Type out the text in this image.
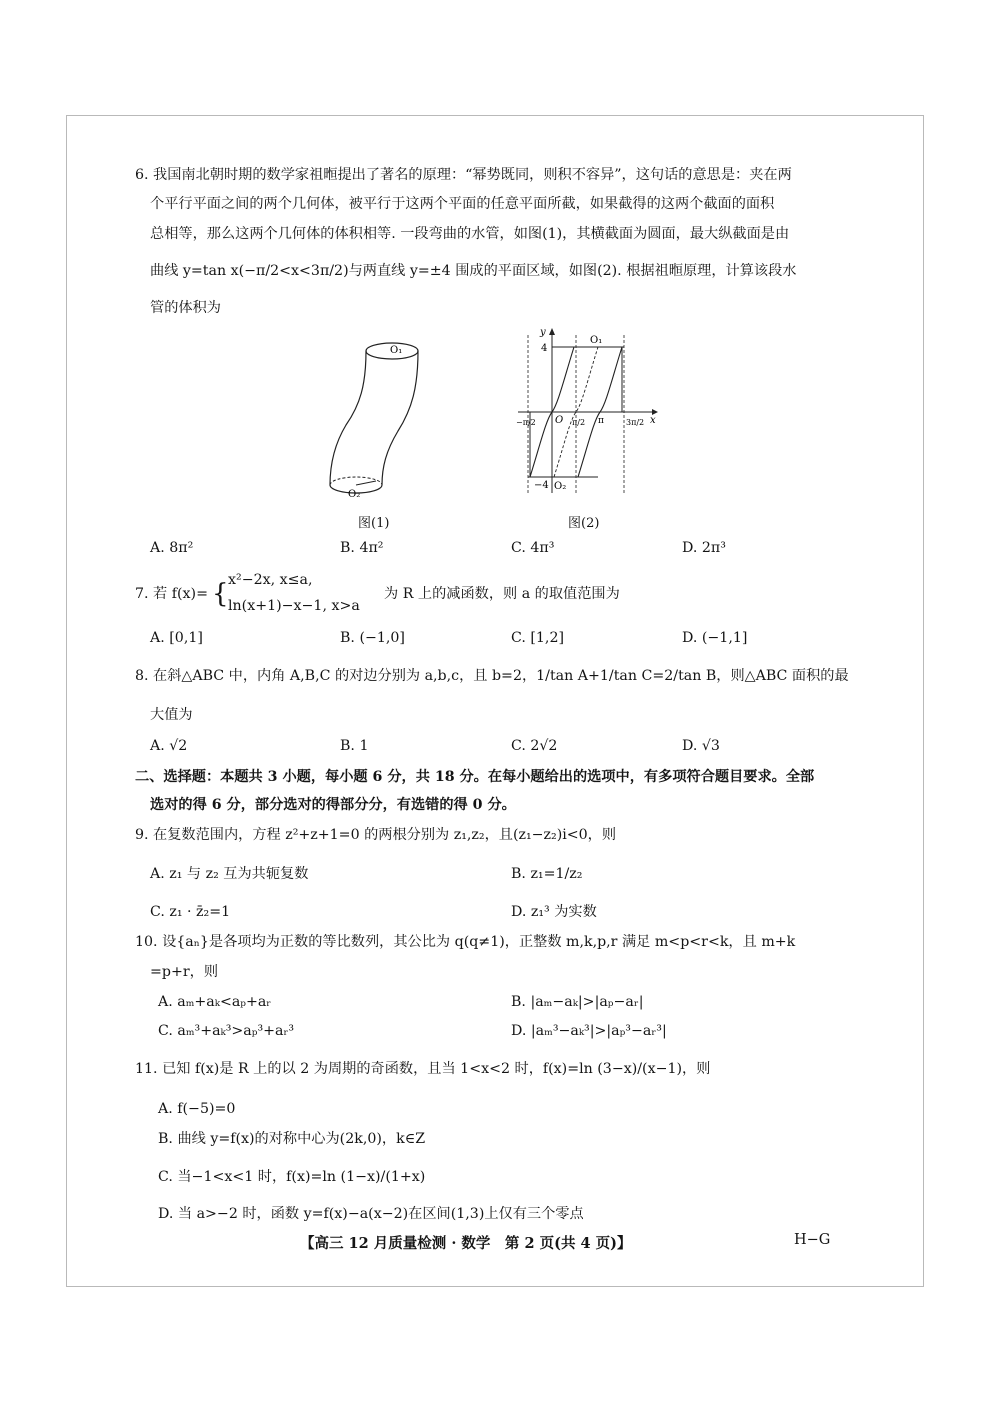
6. 我国南北朝时期的数学家祖暅提出了著名的原理：“幂势既同，则积不容异”，这句话的意思是：夹在两
个平行平面之间的两个几何体，被平行于这两个平面的任意平面所截，如果截得的这两个截面的面积
总相等，那么这两个几何体的体积相等. 一段弯曲的水管，如图(1)，其横截面为圆面，最大纵截面是由
曲线 y=tan x(−π/2<x<3π/2)与两直线 y=±4 围成的平面区域，如图(2). 根据祖暅原理，计算该段水
管的体积为
O₁
O₂
图(1)
y
x
4
−4
O₁
O₂
O
−π/2	π/2 π	3π/2
图(2)
A. 8π²	B. 4π²	C. 4π³	D. 2π³
7. 若 f(x)= { x²−2x, x≤a,
ln(x+1)−x−1, x>a
为 R 上的减函数，则 a 的取值范围为
A. [0,1]	B. (−1,0]	C. [1,2]	D. (−1,1]
8. 在斜△ABC 中，内角 A,B,C 的对边分别为 a,b,c，且 b=2，1/tan A+1/tan C=2/tan B，则△ABC 面积的最
大值为
A. √2	B. 1	C. 2√2	D. √3
二、选择题：本题共 3 小题，每小题 6 分，共 18 分。在每小题给出的选项中，有多项符合题目要求。全部
选对的得 6 分，部分选对的得部分分，有选错的得 0 分。
9. 在复数范围内，方程 z²+z+1=0 的两根分别为 z₁,z₂，且(z₁−z₂)i<0，则
A. z₁ 与 z₂ 互为共轭复数	B. z₁=1/z₂
C. z₁ · z̄₂=1	D. z₁³ 为实数
10. 设{aₙ}是各项均为正数的等比数列，其公比为 q(q≠1)，正整数 m,k,p,r 满足 m<p<r<k，且 m+k
=p+r，则
A. aₘ+aₖ<aₚ+aᵣ	B. |aₘ−aₖ|>|aₚ−aᵣ|
C. aₘ³+aₖ³>aₚ³+aᵣ³	D. |aₘ³−aₖ³|>|aₚ³−aᵣ³|
11. 已知 f(x)是 R 上的以 2 为周期的奇函数，且当 1<x<2 时，f(x)=ln (3−x)/(x−1)，则
A. f(−5)=0
B. 曲线 y=f(x)的对称中心为(2k,0)，k∈Z
C. 当−1<x<1 时，f(x)=ln (1−x)/(1+x)
D. 当 a>−2 时，函数 y=f(x)−a(x−2)在区间(1,3)上仅有三个零点
【高三 12 月质量检测 · 数学　第 2 页(共 4 页)】	H−G
